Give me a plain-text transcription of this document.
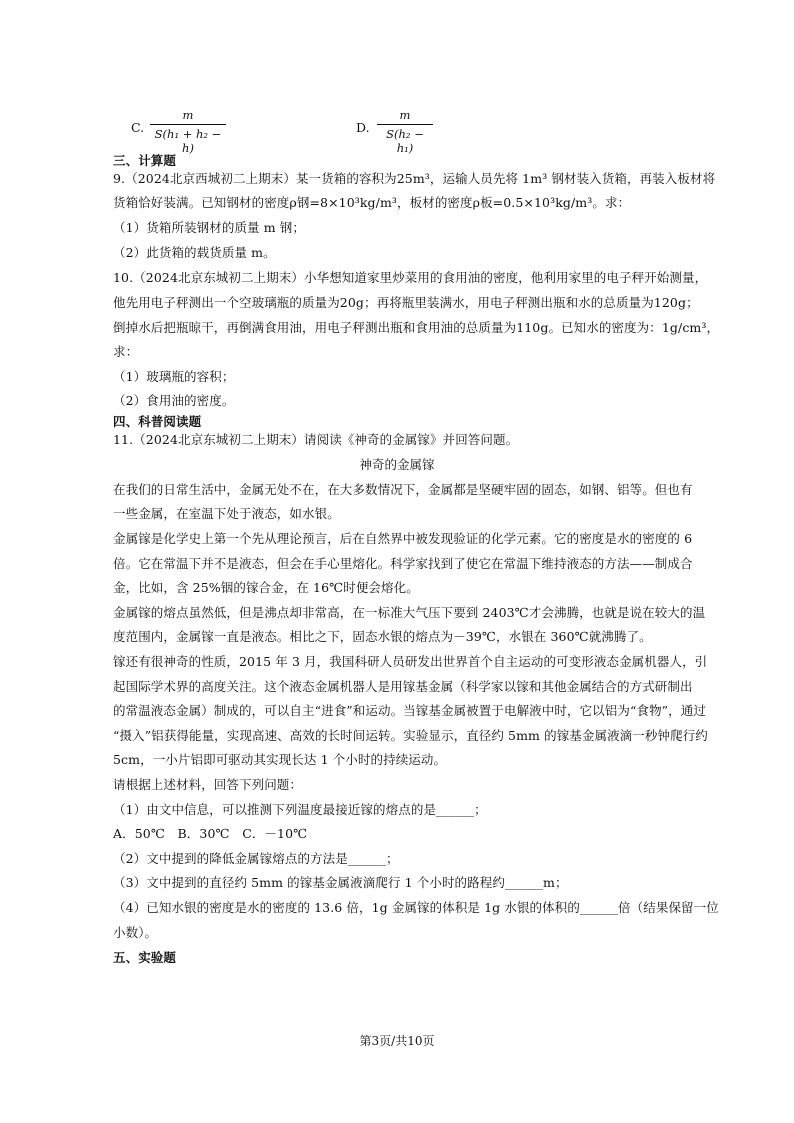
C.
m
S(h₁ + h₂ − h)
D.
m
S(h₂ − h₁)
三、计算题
9.（2024北京西城初二上期末）某一货箱的容积为25m³，运输人员先将 1m³ 钢材装入货箱，再装入板材将
货箱恰好装满。已知钢材的密度ρ钢=8×10³kg/m³，板材的密度ρ板=0.5×10³kg/m³。求：
（1）货箱所装钢材的质量 m 钢；
（2）此货箱的载货质量 m。
10.（2024北京东城初二上期末）小华想知道家里炒菜用的食用油的密度，他利用家里的电子秤开始测量，
他先用电子秤测出一个空玻璃瓶的质量为20g；再将瓶里装满水，用电子秤测出瓶和水的总质量为120g；
倒掉水后把瓶晾干，再倒满食用油，用电子秤测出瓶和食用油的总质量为110g。已知水的密度为：1g/cm³，
求：
（1）玻璃瓶的容积；
（2）食用油的密度。
四、科普阅读题
11.（2024北京东城初二上期末）请阅读《神奇的金属镓》并回答问题。
神奇的金属镓
在我们的日常生活中，金属无处不在，在大多数情况下，金属都是坚硬牢固的固态，如钢、铝等。但也有
一些金属，在室温下处于液态，如水银。
金属镓是化学史上第一个先从理论预言，后在自然界中被发现验证的化学元素。它的密度是水的密度的 6
倍。它在常温下并不是液态，但会在手心里熔化。科学家找到了使它在常温下维持液态的方法——制成合
金，比如，含 25%铟的镓合金，在 16℃时便会熔化。
金属镓的熔点虽然低，但是沸点却非常高，在一标准大气压下要到 2403℃才会沸腾，也就是说在较大的温
度范围内，金属镓一直是液态。相比之下，固态水银的熔点为－39℃，水银在 360℃就沸腾了。
镓还有很神奇的性质，2015 年 3 月，我国科研人员研发出世界首个自主运动的可变形液态金属机器人，引
起国际学术界的高度关注。这个液态金属机器人是用镓基金属（科学家以镓和其他金属结合的方式研制出
的常温液态金属）制成的，可以自主“进食”和运动。当镓基金属被置于电解液中时，它以铝为“食物”，通过
“摄入”铝获得能量，实现高速、高效的长时间运转。实验显示，直径约 5mm 的镓基金属液滴一秒钟爬行约
5cm，一小片铝即可驱动其实现长达 1 个小时的持续运动。
请根据上述材料，回答下列问题：
（1）由文中信息，可以推测下列温度最接近镓的熔点的是______；
A．50℃　B．30℃　C．－10℃
（2）文中提到的降低金属镓熔点的方法是______；
（3）文中提到的直径约 5mm 的镓基金属液滴爬行 1 个小时的路程约______m；
（4）已知水银的密度是水的密度的 13.6 倍，1g 金属镓的体积是 1g 水银的体积的______倍（结果保留一位
小数）。
五、实验题
第3页/共10页
